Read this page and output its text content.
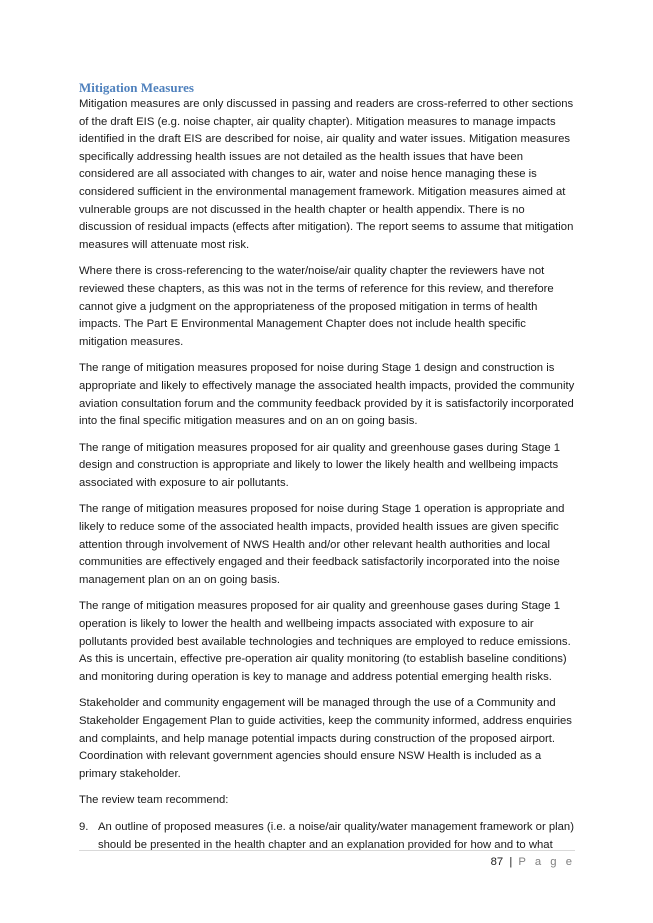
Mitigation Measures

Mitigation measures are only discussed in passing and readers are cross-referred to other sections of the draft EIS (e.g. noise chapter, air quality chapter). Mitigation measures to manage impacts identified in the draft EIS are described for noise, air quality and water issues. Mitigation measures specifically addressing health issues are not detailed as the health issues that have been considered are all associated with changes to air, water and noise hence managing these is considered sufficient in the environmental management framework. Mitigation measures aimed at vulnerable groups are not discussed in the health chapter or health appendix. There is no discussion of residual impacts (effects after mitigation). The report seems to assume that mitigation measures will attenuate most risk.

Where there is cross-referencing to the water/noise/air quality chapter the reviewers have not reviewed these chapters, as this was not in the terms of reference for this review, and therefore cannot give a judgment on the appropriateness of the proposed mitigation in terms of health impacts. The Part E Environmental Management Chapter does not include health specific mitigation measures.

The range of mitigation measures proposed for noise during Stage 1 design and construction is appropriate and likely to effectively manage the associated health impacts, provided the community aviation consultation forum and the community feedback provided by it is satisfactorily incorporated into the final specific mitigation measures and on an on going basis.

The range of mitigation measures proposed for air quality and greenhouse gases during Stage 1 design and construction is appropriate and likely to lower the likely health and wellbeing impacts associated with exposure to air pollutants.

The range of mitigation measures proposed for noise during Stage 1 operation is appropriate and likely to reduce some of the associated health impacts, provided health issues are given specific attention through involvement of NWS Health and/or other relevant health authorities and local communities are effectively engaged and their feedback satisfactorily incorporated into the noise management plan on an on going basis.

The range of mitigation measures proposed for air quality and greenhouse gases during Stage 1 operation is likely to lower the health and wellbeing impacts associated with exposure to air pollutants provided best available technologies and techniques are employed to reduce emissions. As this is uncertain, effective pre-operation air quality monitoring (to establish baseline conditions) and monitoring during operation is key to manage and address potential emerging health risks.

Stakeholder and community engagement will be managed through the use of a Community and Stakeholder Engagement Plan to guide activities, keep the community informed, address enquiries and complaints, and help manage potential impacts during construction of the proposed airport. Coordination with relevant government agencies should ensure NSW Health is included as a primary stakeholder.

The review team recommend:

9. An outline of proposed measures (i.e. a noise/air quality/water management framework or plan) should be presented in the health chapter and an explanation provided for how and to what
87 | P a g e
